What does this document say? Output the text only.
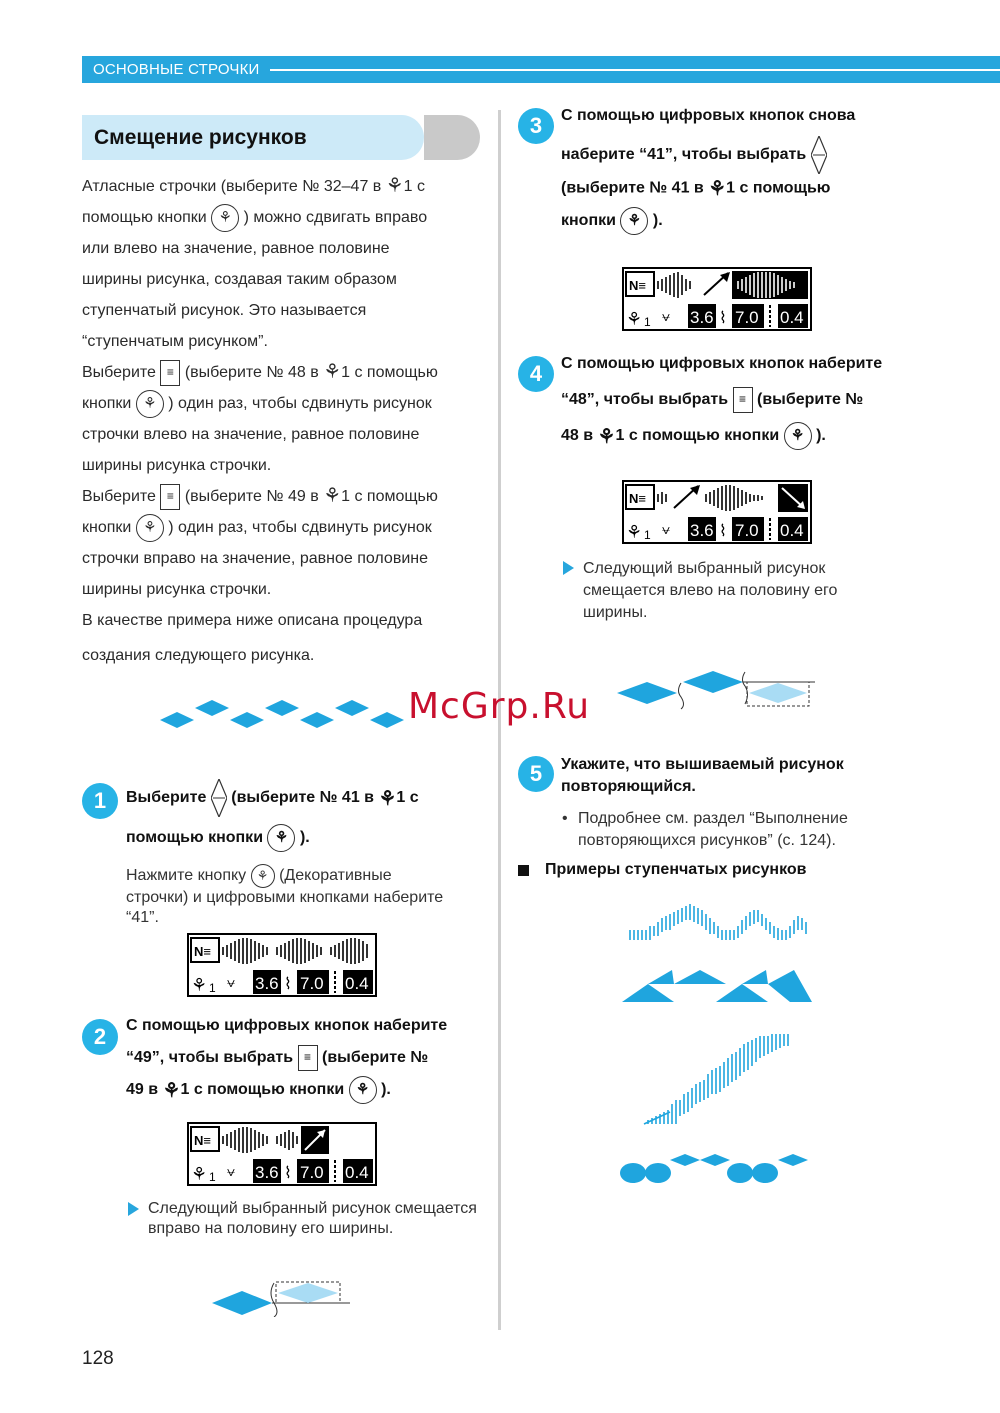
ОСНОВНЫЕ СТРОЧКИ
Смещение рисунков
Атласные строчки (выберите № 32–47 в ⚘1 с
помощью кнопки ⚘ ) можно сдвигать вправо
или влево на значение, равное половине
ширины рисунка, создавая таким образом
ступенчатый рисунок. Это называется
“ступенчатым рисунком”.
Выберите ≡ (выберите № 48 в ⚘1 с помощью
кнопки ⚘ ) один раз, чтобы сдвинуть рисунок
строчки влево на значение, равное половине
ширины рисунка строчки.
Выберите ≡ (выберите № 49 в ⚘1 с помощью
кнопки ⚘ ) один раз, чтобы сдвинуть рисунок
строчки вправо на значение, равное половине
ширины рисунка строчки.
В качестве примера ниже описана процедура
создания следующего рисунка.
1	Выберите (выберите № 41 в ⚘1 с
помощью кнопки ⚘ ).
Нажмите кнопку ⚘ (Декоративные
строчки) и цифровыми кнопками наберите
“41”.
N≡
⚘ 1 ⩝ 3.6 ⌇ 7.0 0.4
2	С помощью цифровых кнопок наберите
“49”, чтобы выбрать ≡ (выберите №
49 в ⚘1 с помощью кнопки ⚘ ).
N≡
⚘ 1 ⩝ 3.6 ⌇ 7.0 0.4
Следующий выбранный рисунок смещается
вправо на половину его ширины.
3	С помощью цифровых кнопок снова
наберите “41”, чтобы выбрать
(выберите № 41 в ⚘1 с помощью
кнопки ⚘ ).
N≡
⚘ 1 ⩝ 3.6 ⌇ 7.0 0.4
4	С помощью цифровых кнопок наберите
“48”, чтобы выбрать ≡ (выберите №
48 в ⚘1 с помощью кнопки ⚘ ).
N≡
⚘ 1 ⩝ 3.6 ⌇ 7.0 0.4
Следующий выбранный рисунок
смещается влево на половину его
ширины.
McGrp.Ru
5	Укажите, что вышиваемый рисунок
повторяющийся.
• Подробнее см. раздел “Выполнение
повторяющихся рисунков” (с. 124).
Примеры ступенчатых рисунков
128
